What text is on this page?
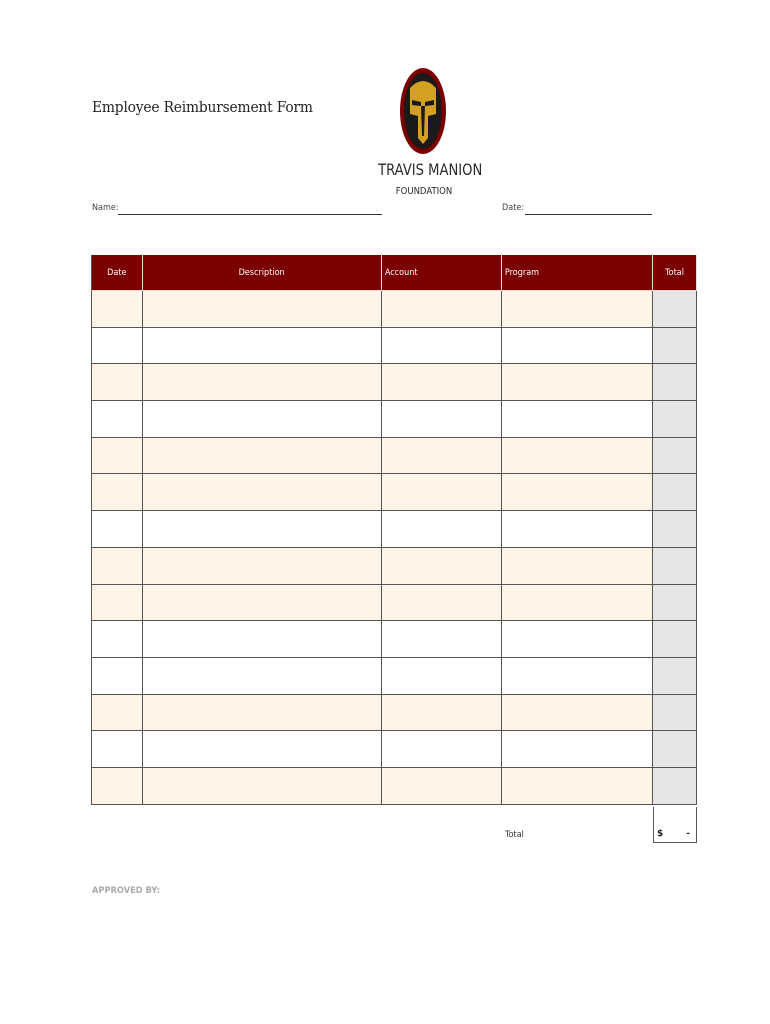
Employee Reimbursement Form
TRAVIS MANION
FOUNDATION
Name:	Date:
Date	Description	Account	Program	Total
Total	$	-
APPROVED BY:
